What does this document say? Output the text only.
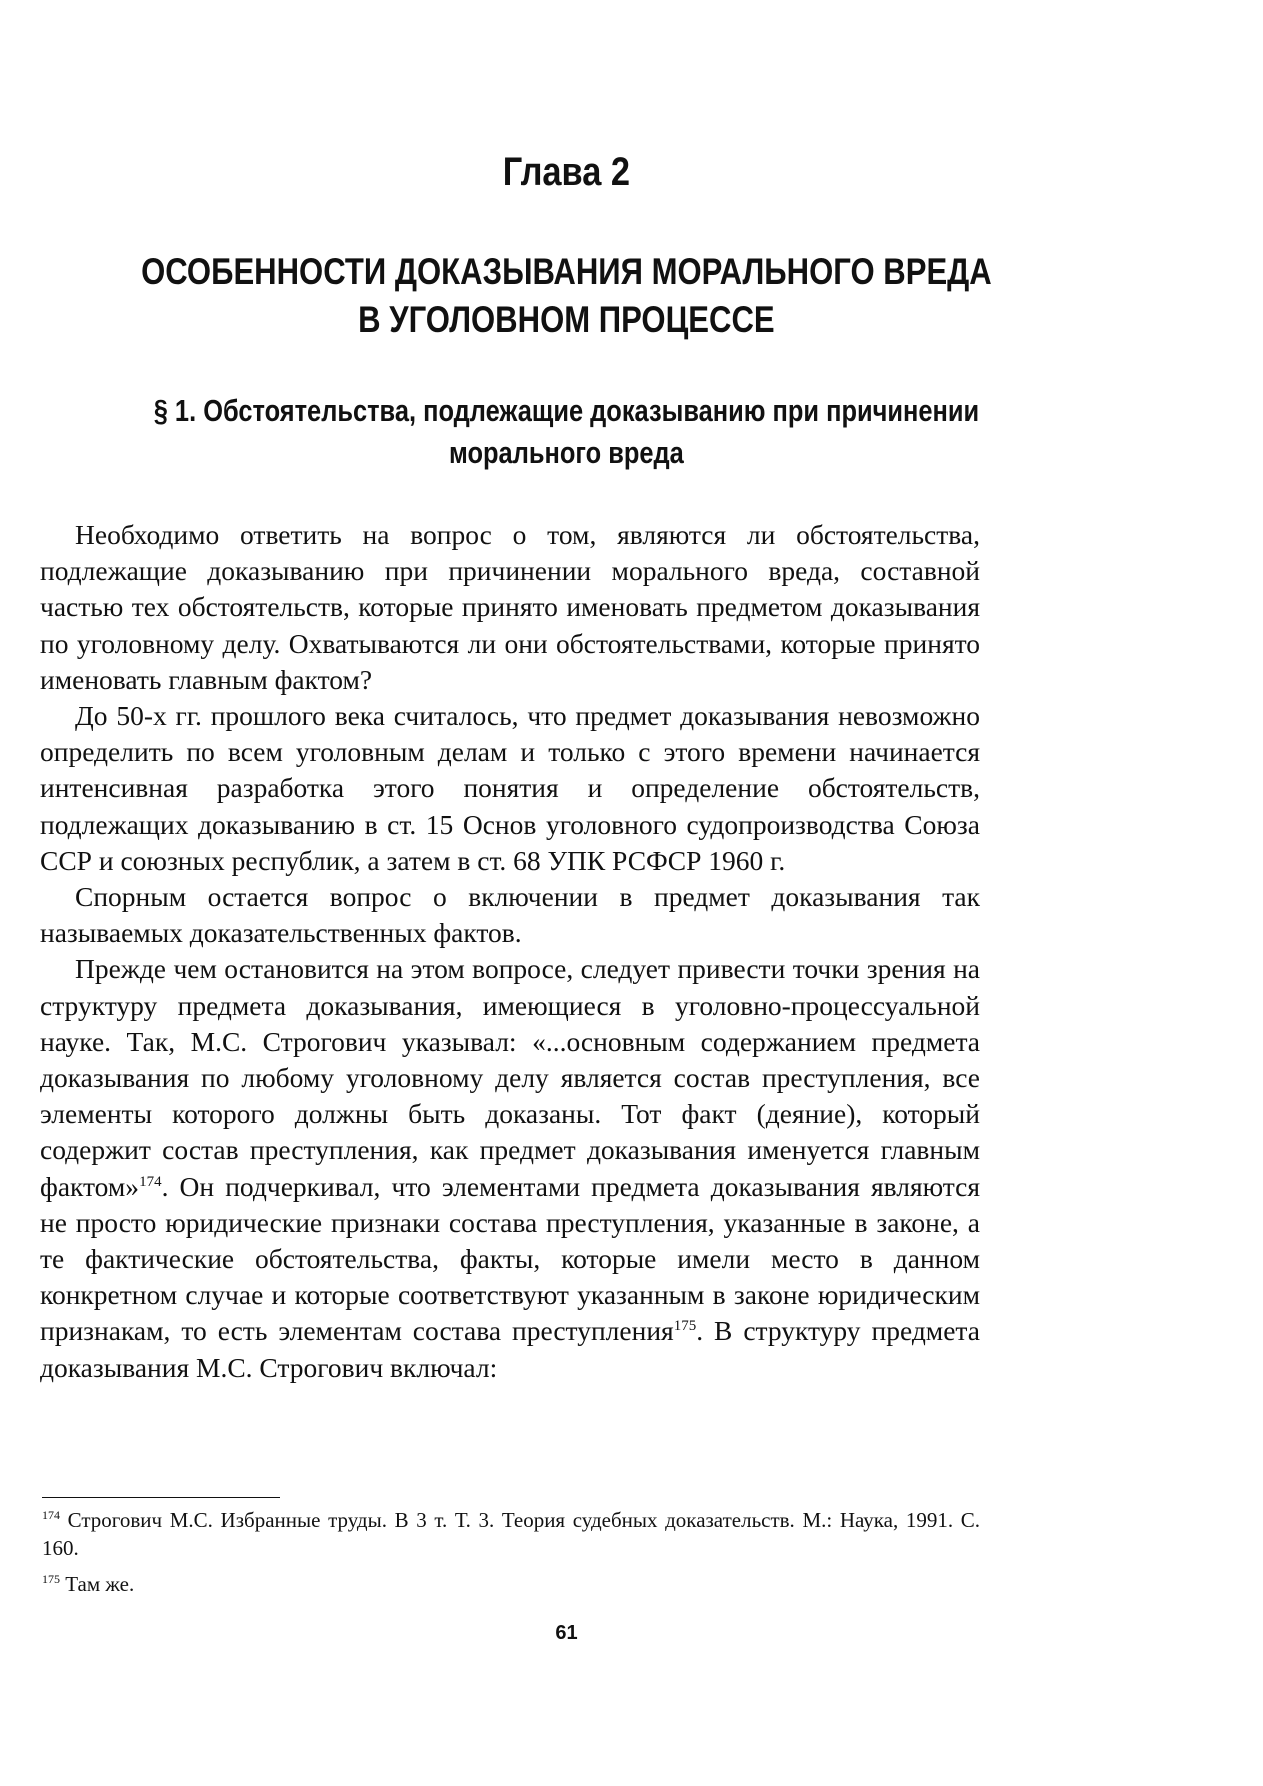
Глава 2
ОСОБЕННОСТИ ДОКАЗЫВАНИЯ МОРАЛЬНОГО ВРЕДА
В УГОЛОВНОМ ПРОЦЕССЕ
§ 1. Обстоятельства, подлежащие доказыванию при причинении
морального вреда

Необходимо ответить на вопрос о том, являются ли обстоятельства, подлежащие доказыванию при причинении морального вреда, составной частью тех обстоятельств, которые принято именовать предметом доказывания по уголовному делу. Охватываются ли они обстоятельствами, которые принято именовать главным фактом?

До 50-х гг. прошлого века считалось, что предмет доказывания невозможно определить по всем уголовным делам и только с этого времени начинается интенсивная разработка этого понятия и определение обстоятельств, подлежащих доказыванию в ст. 15 Основ уголовного судопроизводства Союза ССР и союзных республик, а затем в ст. 68 УПК РСФСР 1960 г.

Спорным остается вопрос о включении в предмет доказывания так называемых доказательственных фактов.

Прежде чем остановится на этом вопросе, следует привести точки зрения на структуру предмета доказывания, имеющиеся в уголовно-процессуальной науке. Так, М.С. Строгович указывал: «...основным содержанием предмета доказывания по любому уголовному делу является состав преступления, все элементы которого должны быть доказаны. Тот факт (деяние), который содержит состав преступления, как предмет доказывания именуется главным фактом»$^{174}$. Он подчеркивал, что элементами предмета доказывания являются не просто юридические признаки состава преступления, указанные в законе, а те фактические обстоятельства, факты, которые имели место в данном конкретном случае и которые соответствуют указанным в законе юридическим признакам, то есть элементам состава преступления$^{175}$. В структуру предмета доказывания М.С. Строгович включал:

$^{174}$ Строгович М.С. Избранные труды. В 3 т. Т. 3. Теория судебных доказательств. М.: Наука, 1991. С. 160.

$^{175}$ Там же.

61
